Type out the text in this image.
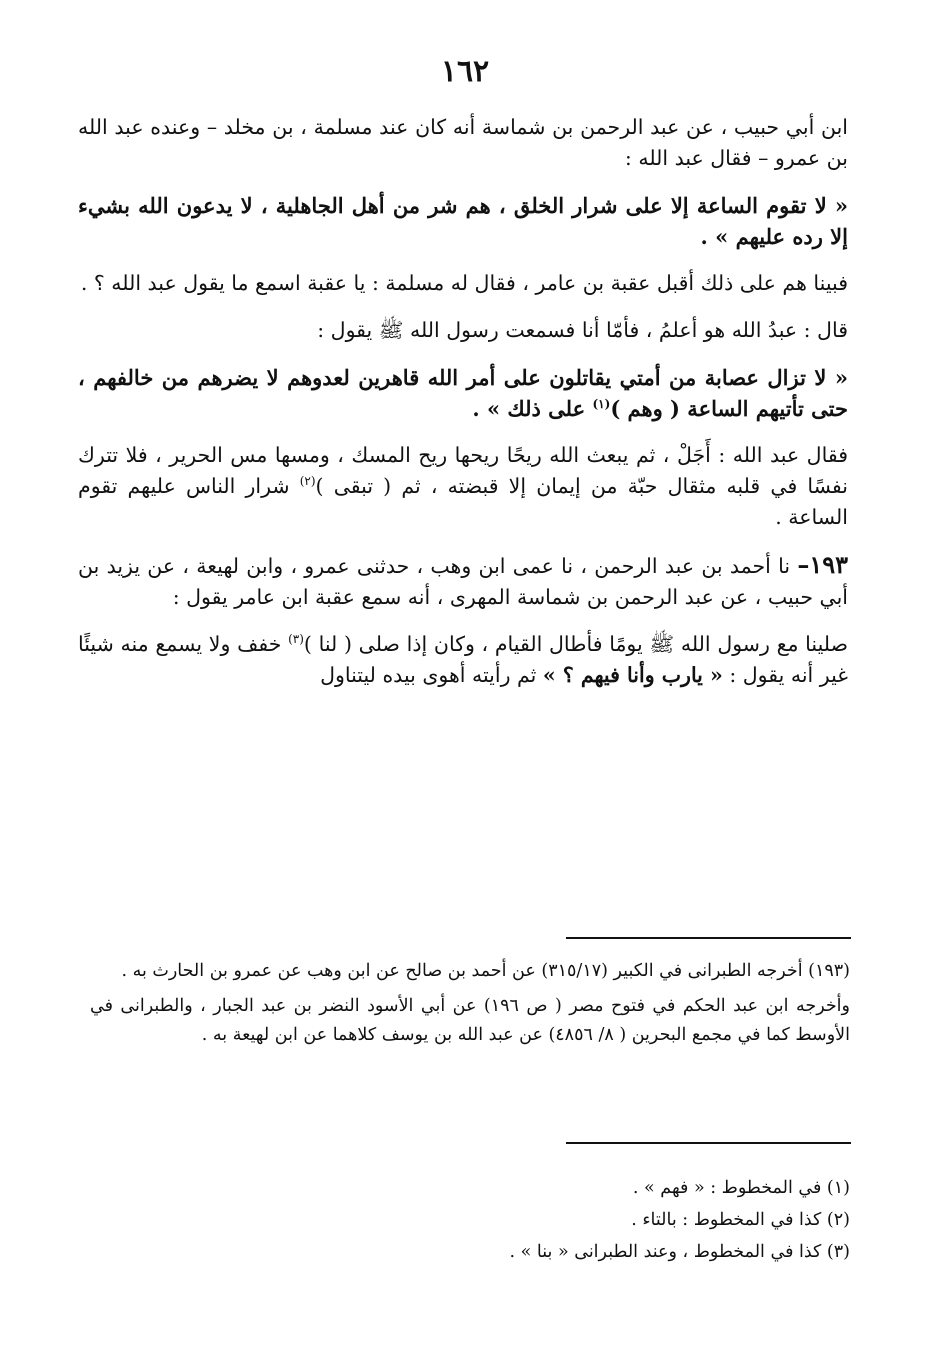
١٦٢

ابن أبي حبيب ، عن عبد الرحمن بن شماسة أنه كان عند مسلمة ، بن مخلد – وعنده عبد الله بن عمرو – فقال عبد الله :

« لا تقوم الساعة إلا على شرار الخلق ، هم شر من أهل الجاهلية ، لا يدعون الله بشيء إلا رده عليهم » .

فبينا هم على ذلك أقبل عقبة بن عامر ، فقال له مسلمة : يا عقبة اسمع ما يقول عبد الله ؟ .

قال : عبدُ الله هو أعلمُ ، فأمّا أنا فسمعت رسول الله ﷺ يقول :

« لا تزال عصابة من أمتي يقاتلون على أمر الله قاهرين لعدوهم لا يضرهم من خالفهم ، حتى تأتيهم الساعة ( وهم )$^{(١)}$ على ذلك » .

فقال عبد الله : أَجَلْ ، ثم يبعث الله ريحًا ريحها ريح المسك ، ومسها مس الحرير ، فلا تترك نفسًا في قلبه مثقال حبّة من إيمان إلا قبضته ، ثم ( تبقى )$^{(٢)}$ شرار الناس عليهم تقوم الساعة .

١٩٣– نا أحمد بن عبد الرحمن ، نا عمى ابن وهب ، حدثنى عمرو ، وابن لهيعة ، عن يزيد بن أبي حبيب ، عن عبد الرحمن بن شماسة المهرى ، أنه سمع عقبة ابن عامر يقول :

صلينا مع رسول الله ﷺ يومًا فأطال القيام ، وكان إذا صلى ( لنا )$^{(٣)}$ خفف ولا يسمع منه شيئًا غير أنه يقول : « يارب وأنا فيهم ؟ » ثم رأيته أهوى بيده ليتناول

(١٩٣) أخرجه الطبرانى في الكبير (٣١٥/١٧) عن أحمد بن صالح عن ابن وهب عن عمرو بن الحارث به .

وأخرجه ابن عبد الحكم في فتوح مصر ( ص ١٩٦) عن أبي الأسود النضر بن عبد الجبار ، والطبرانى في الأوسط كما في مجمع البحرين ( ٨/ ٤٨٥٦) عن عبد الله بن يوسف كلاهما عن ابن لهيعة به .

(١) في المخطوط : « فهم » .

(٢) كذا في المخطوط : بالتاء .

(٣) كذا في المخطوط ، وعند الطبرانى « بنا » .
